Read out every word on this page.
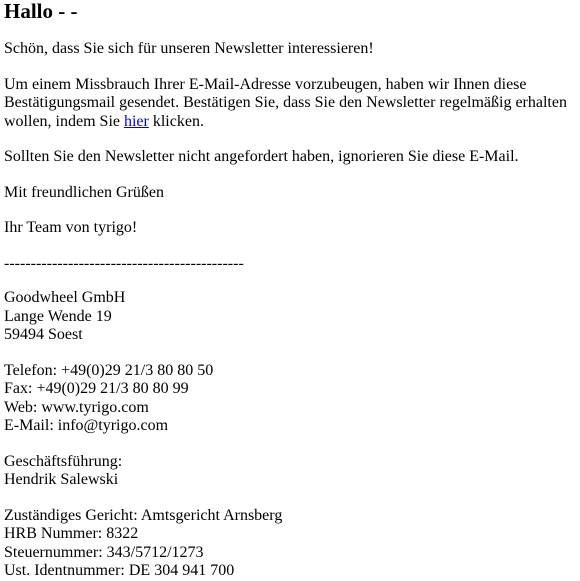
Hallo - -

Schön, dass Sie sich für unseren Newsletter interessieren!

Um einem Missbrauch Ihrer E-Mail-Adresse vorzubeugen, haben wir Ihnen diese Bestätigungsmail gesendet. Bestätigen Sie, dass Sie den Newsletter regelmäßig erhalten wollen, indem Sie hier klicken.

Sollten Sie den Newsletter nicht angefordert haben, ignorieren Sie diese E-Mail.

Mit freundlichen Grüßen

Ihr Team von tyrigo!

---------------------------------------------

Goodwheel GmbH
Lange Wende 19
59494 Soest
Telefon: +49(0)29 21/3 80 80 50
Fax: +49(0)29 21/3 80 80 99
Web: www.tyrigo.com
E-Mail: info@tyrigo.com
Geschäftsführung:
Hendrik Salewski
Zuständiges Gericht: Amtsgericht Arnsberg
HRB Nummer: 8322
Steuernummer: 343/5712/1273
Ust. Identnummer: DE 304 941 700
